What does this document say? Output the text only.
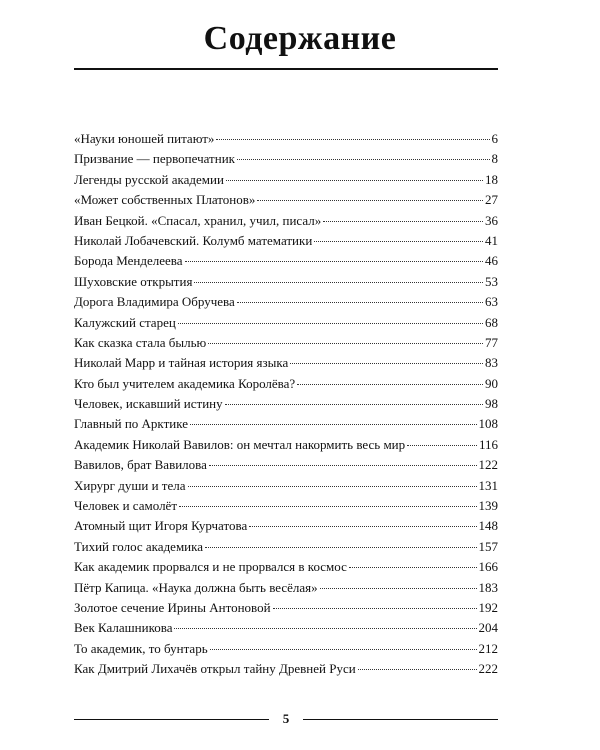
Содержание
«Науки юношей питают»	6
Призвание — первопечатник	8
Легенды русской академии	18
«Может собственных Платонов»	27
Иван Бецкой. «Спасал, хранил, учил, писал»	36
Николай Лобачевский. Колумб математики	41
Борода Менделеева	46
Шуховские открытия	53
Дорога Владимира Обручева	63
Калужский старец	68
Как сказка стала былью	77
Николай Марр и тайная история языка	83
Кто был учителем академика Королёва?	90
Человек, искавший истину	98
Главный по Арктике	108
Академик Николай Вавилов: он мечтал накормить весь мир	116
Вавилов, брат Вавилова	122
Хирург души и тела	131
Человек и самолёт	139
Атомный щит Игоря Курчатова	148
Тихий голос академика	157
Как академик прорвался и не прорвался в космос	166
Пётр Капица. «Наука должна быть весёлая»	183
Золотое сечение Ирины Антоновой	192
Век Калашникова	204
То академик, то бунтарь	212
Как Дмитрий Лихачёв открыл тайну Древней Руси	222
5
